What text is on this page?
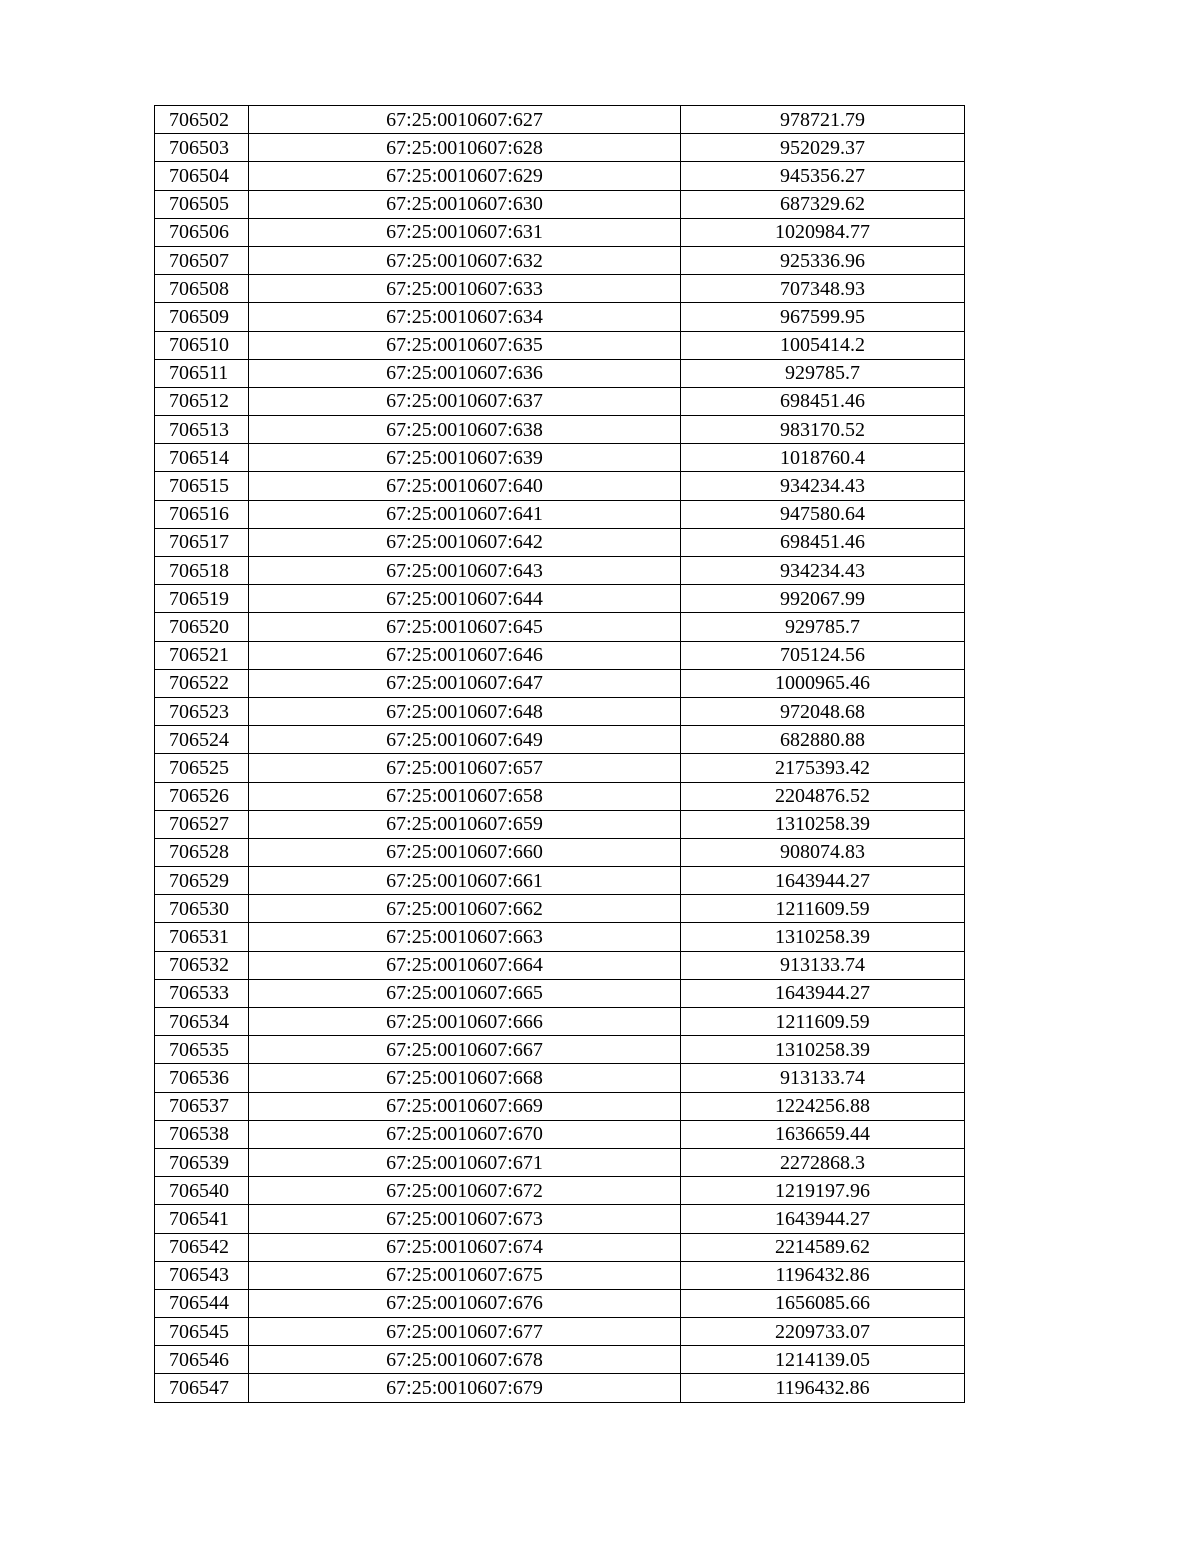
706502	67:25:0010607:627	978721.79
706503	67:25:0010607:628	952029.37
706504	67:25:0010607:629	945356.27
706505	67:25:0010607:630	687329.62
706506	67:25:0010607:631	1020984.77
706507	67:25:0010607:632	925336.96
706508	67:25:0010607:633	707348.93
706509	67:25:0010607:634	967599.95
706510	67:25:0010607:635	1005414.2
706511	67:25:0010607:636	929785.7
706512	67:25:0010607:637	698451.46
706513	67:25:0010607:638	983170.52
706514	67:25:0010607:639	1018760.4
706515	67:25:0010607:640	934234.43
706516	67:25:0010607:641	947580.64
706517	67:25:0010607:642	698451.46
706518	67:25:0010607:643	934234.43
706519	67:25:0010607:644	992067.99
706520	67:25:0010607:645	929785.7
706521	67:25:0010607:646	705124.56
706522	67:25:0010607:647	1000965.46
706523	67:25:0010607:648	972048.68
706524	67:25:0010607:649	682880.88
706525	67:25:0010607:657	2175393.42
706526	67:25:0010607:658	2204876.52
706527	67:25:0010607:659	1310258.39
706528	67:25:0010607:660	908074.83
706529	67:25:0010607:661	1643944.27
706530	67:25:0010607:662	1211609.59
706531	67:25:0010607:663	1310258.39
706532	67:25:0010607:664	913133.74
706533	67:25:0010607:665	1643944.27
706534	67:25:0010607:666	1211609.59
706535	67:25:0010607:667	1310258.39
706536	67:25:0010607:668	913133.74
706537	67:25:0010607:669	1224256.88
706538	67:25:0010607:670	1636659.44
706539	67:25:0010607:671	2272868.3
706540	67:25:0010607:672	1219197.96
706541	67:25:0010607:673	1643944.27
706542	67:25:0010607:674	2214589.62
706543	67:25:0010607:675	1196432.86
706544	67:25:0010607:676	1656085.66
706545	67:25:0010607:677	2209733.07
706546	67:25:0010607:678	1214139.05
706547	67:25:0010607:679	1196432.86
